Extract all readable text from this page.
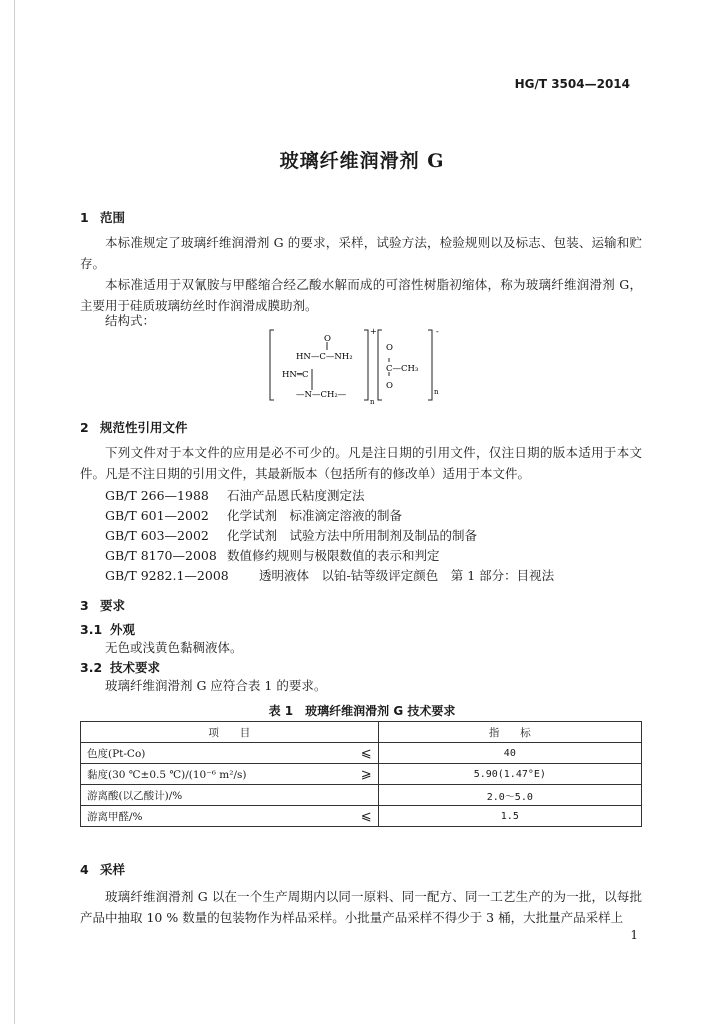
HG/T 3504—2014
玻璃纤维润滑剂 G
1 范围
本标准规定了玻璃纤维润滑剂 G 的要求，采样，试验方法，检验规则以及标志、包装、运输和贮存。
本标准适用于双氰胺与甲醛缩合经乙酸水解而成的可溶性树脂初缩体，称为玻璃纤维润滑剂 G，主要用于硅质玻璃纺丝时作润滑成膜助剂。
结构式：
O
HN—C—NH₂
HN═C
—N—CH₂—
n
+
O
C—CH₃
O
-
n
2 规范性引用文件
下列文件对于本文件的应用是必不可少的。凡是注日期的引用文件，仅注日期的版本适用于本文件。凡是不注日期的引用文件，其最新版本（包括所有的修改单）适用于本文件。
GB/T 266—1988 石油产品恩氏粘度测定法
GB/T 601—2002 化学试剂　标准滴定溶液的制备
GB/T 603—2002 化学试剂　试验方法中所用制剂及制品的制备
GB/T 8170—2008 数值修约规则与极限数值的表示和判定
GB/T 9282.1—2008 透明液体　以铂-钴等级评定颜色　第 1 部分：目视法
3 要求
3.1 外观
无色或浅黄色黏稠液体。
3.2 技术要求
玻璃纤维润滑剂 G 应符合表 1 的要求。
表 1　玻璃纤维润滑剂 G 技术要求
项　　目		指　　标
色度(Pt-Co)	⩽	40
黏度(30 ℃±0.5 ℃)/(10⁻⁶ m²/s)	⩾	5.90(1.47°E)
游离酸(以乙酸计)/%		2.0～5.0
游离甲醛/%	⩽	1.5
4 采样
玻璃纤维润滑剂 G 以在一个生产周期内以同一原料、同一配方、同一工艺生产的为一批，以每批产品中抽取 10 % 数量的包装物作为样品采样。小批量产品采样不得少于 3 桶，大批量产品采样上
1
